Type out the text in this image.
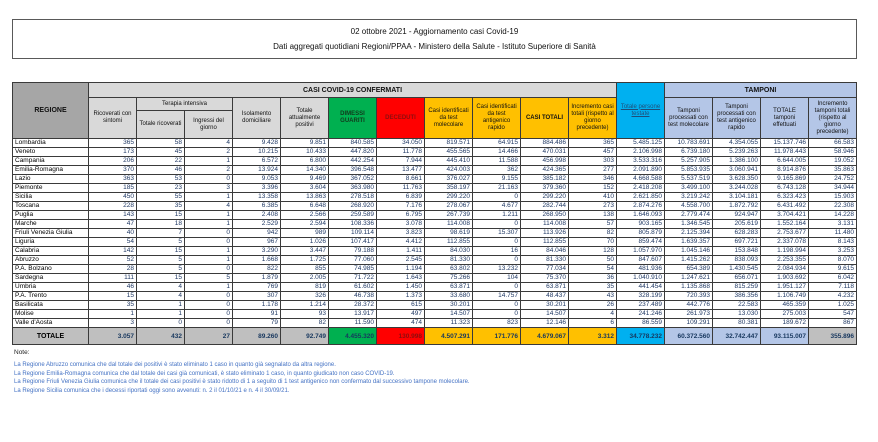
02 ottobre 2021 - Aggiornamento casi Covid-19
Dati aggregati quotidiani Regioni/PPAA - Ministero della Salute - Istituto Superiore di Sanità
REGIONE	CASI COVID-19 CONFERMATI											Totale persone testate	TAMPONI			
	Ricoverati con sintomi	Terapia intensiva		Isolamento domiciliare	Totale attualmente positivi	DIMESSI GUARITI	DECEDUTI	Casi identificati da test molecolare	Casi identificati da test antigenico rapido	CASI TOTALI	Incremento casi totali (rispetto al giorno precedente)		Tamponi processati con test molecolare	Tamponi processati con test antigenico rapido	TOTALE tamponi effettuati	Incremento tamponi totali (rispetto al giorno precedente)
		Totale ricoverati	Ingressi del giorno													
Lombardia	365	58	4	9.428	9.851	840.585	34.050	819.571	64.915	884.486	365	5.485.125	10.783.691	4.354.055	15.137.746	66.583
Veneto	173	45	2	10.215	10.433	447.820	11.778	455.565	14.466	470.031	457	2.106.998	6.739.180	5.239.263	11.978.443	58.946
Campania	206	22	1	6.572	6.800	442.254	7.944	445.410	11.588	456.998	303	3.533.316	5.257.905	1.386.100	6.644.005	19.052
Emilia-Romagna	370	46	2	13.924	14.340	396.548	13.477	424.003	362	424.365	277	2.091.890	5.853.935	3.060.941	8.914.876	35.863
Lazio	363	53	0	9.053	9.469	367.052	8.661	376.027	9.155	385.182	346	4.668.588	5.537.519	3.628.350	9.165.869	24.752
Piemonte	185	23	3	3.396	3.604	363.980	11.763	358.197	21.163	379.360	152	2.418.208	3.499.100	3.244.028	6.743.128	34.944
Sicilia	450	55	1	13.358	13.863	278.518	6.839	299.220	0	299.220	410	2.621.850	3.219.242	3.104.181	6.323.423	15.903
Toscana	228	35	4	6.385	6.648	268.920	7.176	278.067	4.677	282.744	273	2.874.276	4.558.700	1.872.792	6.431.492	22.308
Puglia	143	15	1	2.408	2.566	259.589	6.795	267.739	1.211	268.950	138	1.646.093	2.779.474	924.947	3.704.421	14.228
Marche	47	18	1	2.529	2.594	108.336	3.078	114.008	0	114.008	57	903.165	1.346.545	205.619	1.552.164	3.131
Friuli Venezia Giulia	40	7	0	942	989	109.114	3.823	98.619	15.307	113.926	82	805.879	2.125.394	628.283	2.753.677	11.480
Liguria	54	5	0	967	1.026	107.417	4.412	112.855	0	112.855	70	859.474	1.639.357	697.721	2.337.078	8.143
Calabria	142	15	1	3.290	3.447	79.188	1.411	84.030	16	84.046	128	1.057.970	1.045.146	153.848	1.198.994	3.253
Abruzzo	52	5	1	1.668	1.725	77.060	2.545	81.330	0	81.330	50	847.607	1.415.262	838.093	2.253.355	8.070
P.A. Bolzano	28	5	0	822	855	74.985	1.194	63.802	13.232	77.034	54	481.936	654.389	1.430.545	2.084.934	9.615
Sardegna	111	15	5	1.879	2.005	71.722	1.643	75.266	104	75.370	36	1.040.910	1.247.621	656.071	1.903.692	6.042
Umbria	46	4	1	769	819	61.602	1.450	63.871	0	63.871	35	441.454	1.135.868	815.259	1.951.127	7.118
P.A. Trento	15	4	0	307	326	46.738	1.373	33.680	14.757	48.437	43	328.199	720.393	386.356	1.106.749	4.232
Basilicata	35	1	0	1.178	1.214	28.372	615	30.201	0	30.201	26	237.489	442.776	22.583	465.359	1.025
Molise	1	1	0	91	93	13.917	497	14.507	0	14.507	4	241.246	261.973	13.030	275.003	547
Valle d'Aosta	3	0	0	79	82	11.590	474	11.323	823	12.146	6	86.559	109.291	80.381	189.672	867
TOTALE	3.057	432	27	89.260	92.749	4.455.320	130.998	4.507.291	171.776	4.679.067	3.312	34.778.232	60.372.560	32.742.447	93.115.007	355.896
Note:
La Regione Abruzzo comunica che dal totale dei positivi è stato eliminato 1 caso in quanto già segnalato da altra regione.
La Regione Emilia-Romagna comunica che dal totale dei casi già comunicati, è stato eliminato 1 caso, in quanto giudicato non caso COVID-19.
La Regione Friuli Venezia Giulia comunica che il totale dei casi positivi è stato ridotto di 1 a seguito di 1 test antigenico non confermato dal successivo tampone molecolare.
La Regione Sicilia comunica che i decessi riportati oggi sono avvenuti: n. 2 il 01/10/21 e n. 4 il 30/09/21.
